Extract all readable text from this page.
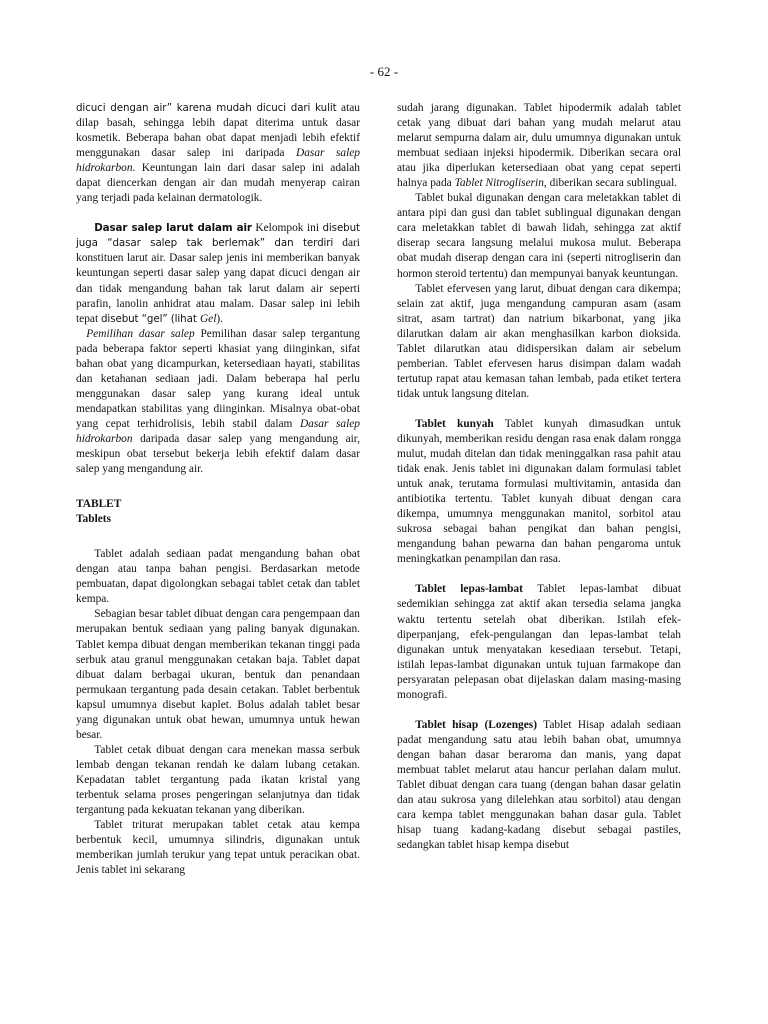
- 62 -

dicuci dengan air” karena mudah dicuci dari kulit atau dilap basah, sehingga lebih dapat diterima untuk dasar kosmetik. Beberapa bahan obat dapat menjadi lebih efektif menggunakan dasar salep ini daripada Dasar salep hidrokarbon. Keuntungan lain dari dasar salep ini adalah dapat diencerkan dengan air dan mudah menyerap cairan yang terjadi pada kelainan dermatologik.

Dasar salep larut dalam air Kelompok ini disebut juga “dasar salep tak berlemak” dan terdiri dari konstituen larut air. Dasar salep jenis ini memberikan banyak keuntungan seperti dasar salep yang dapat dicuci dengan air dan tidak mengandung bahan tak larut dalam air seperti parafin, lanolin anhidrat atau malam. Dasar salep ini lebih tepat disebut “gel” (lihat Gel).

Pemilihan dasar salep Pemilihan dasar salep tergantung pada beberapa faktor seperti khasiat yang diinginkan, sifat bahan obat yang dicampurkan, ketersediaan hayati, stabilitas dan ketahanan sediaan jadi. Dalam beberapa hal perlu menggunakan dasar salep yang kurang ideal untuk mendapatkan stabilitas yang diinginkan. Misalnya obat-obat yang cepat terhidrolisis, lebih stabil dalam Dasar salep hidrokarbon daripada dasar salep yang mengandung air, meskipun obat tersebut bekerja lebih efektif dalam dasar salep yang mengandung air.

TABLET
Tablets

Tablet adalah sediaan padat mengandung bahan obat dengan atau tanpa bahan pengisi. Berdasarkan metode pembuatan, dapat digolongkan sebagai tablet cetak dan tablet kempa.

Sebagian besar tablet dibuat dengan cara pengempaan dan merupakan bentuk sediaan yang paling banyak digunakan. Tablet kempa dibuat dengan memberikan tekanan tinggi pada serbuk atau granul menggunakan cetakan baja. Tablet dapat dibuat dalam berbagai ukuran, bentuk dan penandaan permukaan tergantung pada desain cetakan. Tablet berbentuk kapsul umumnya disebut kaplet. Bolus adalah tablet besar yang digunakan untuk obat hewan, umumnya untuk hewan besar.

Tablet cetak dibuat dengan cara menekan massa serbuk lembab dengan tekanan rendah ke dalam lubang cetakan. Kepadatan tablet tergantung pada ikatan kristal yang terbentuk selama proses pengeringan selanjutnya dan tidak tergantung pada kekuatan tekanan yang diberikan.

Tablet triturat merupakan tablet cetak atau kempa berbentuk kecil, umumnya silindris, digunakan untuk memberikan jumlah terukur yang tepat untuk peracikan obat. Jenis tablet ini sekarang

sudah jarang digunakan. Tablet hipodermik adalah tablet cetak yang dibuat dari bahan yang mudah melarut atau melarut sempurna dalam air, dulu umumnya digunakan untuk membuat sediaan injeksi hipodermik. Diberikan secara oral atau jika diperlukan ketersediaan obat yang cepat seperti halnya pada Tablet Nitrogliserin, diberikan secara sublingual.

Tablet bukal digunakan dengan cara meletakkan tablet di antara pipi dan gusi dan tablet sublingual digunakan dengan cara meletakkan tablet di bawah lidah, sehingga zat aktif diserap secara langsung melalui mukosa mulut. Beberapa obat mudah diserap dengan cara ini (seperti nitrogliserin dan hormon steroid tertentu) dan mempunyai banyak keuntungan.

Tablet efervesen yang larut, dibuat dengan cara dikempa; selain zat aktif, juga mengandung campuran asam (asam sitrat, asam tartrat) dan natrium bikarbonat, yang jika dilarutkan dalam air akan menghasilkan karbon dioksida. Tablet dilarutkan atau didispersikan dalam air sebelum pemberian. Tablet efervesen harus disimpan dalam wadah tertutup rapat atau kemasan tahan lembab, pada etiket tertera tidak untuk langsung ditelan.

Tablet kunyah Tablet kunyah dimasudkan untuk dikunyah, memberikan residu dengan rasa enak dalam rongga mulut, mudah ditelan dan tidak meninggalkan rasa pahit atau tidak enak. Jenis tablet ini digunakan dalam formulasi tablet untuk anak, terutama formulasi multivitamin, antasida dan antibiotika tertentu. Tablet kunyah dibuat dengan cara dikempa, umumnya menggunakan manitol, sorbitol atau sukrosa sebagai bahan pengikat dan bahan pengisi, mengandung bahan pewarna dan bahan pengaroma untuk meningkatkan penampilan dan rasa.

Tablet lepas-lambat Tablet lepas-lambat dibuat sedemikian sehingga zat aktif akan tersedia selama jangka waktu tertentu setelah obat diberikan. Istilah efek-diperpanjang, efek-pengulangan dan lepas-lambat telah digunakan untuk menyatakan kesediaan tersebut. Tetapi, istilah lepas-lambat digunakan untuk tujuan farmakope dan persyaratan pelepasan obat dijelaskan dalam masing-masing monografi.

Tablet hisap (Lozenges) Tablet Hisap adalah sediaan padat mengandung satu atau lebih bahan obat, umumnya dengan bahan dasar beraroma dan manis, yang dapat membuat tablet melarut atau hancur perlahan dalam mulut. Tablet dibuat dengan cara tuang (dengan bahan dasar gelatin dan atau sukrosa yang dilelehkan atau sorbitol) atau dengan cara kempa tablet menggunakan bahan dasar gula. Tablet hisap tuang kadang-kadang disebut sebagai pastiles, sedangkan tablet hisap kempa disebut
